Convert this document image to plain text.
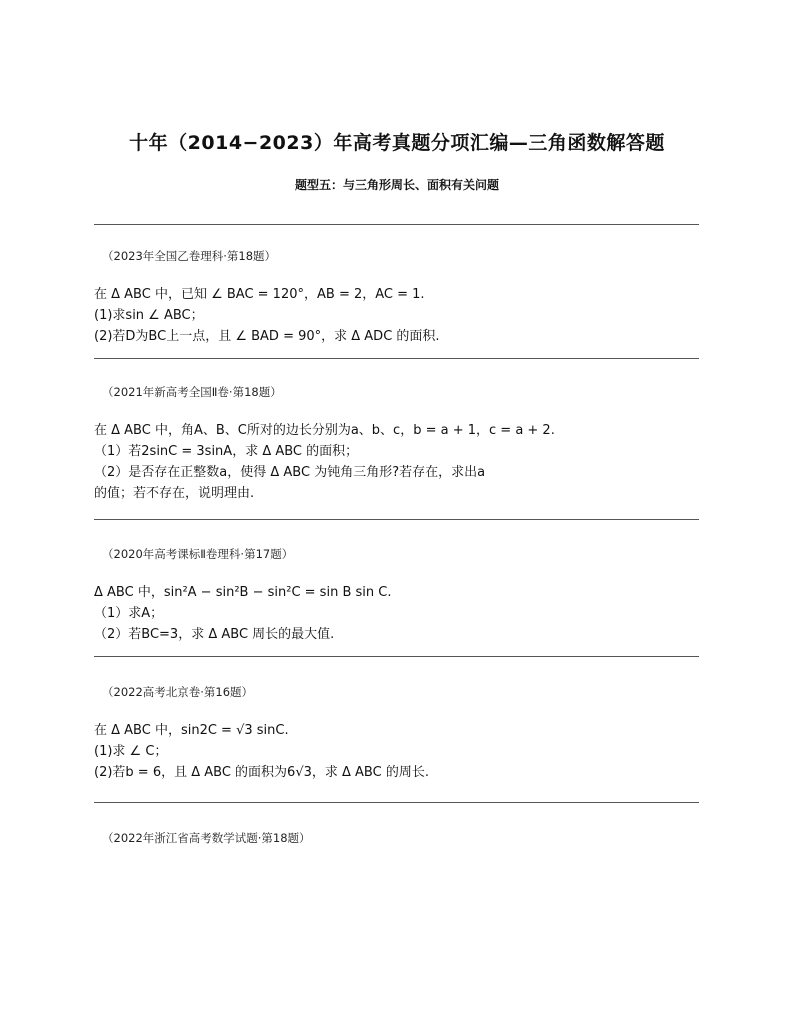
十年（2014−2023）年高考真题分项汇编—三角函数解答题
题型五：与三角形周长、面积有关问题
（2023年全国乙卷理科·第18题）
在 Δ ABC 中，已知 ∠ BAC = 120°，AB = 2，AC = 1.
(1)求sin ∠ ABC；
(2)若D为BC上一点，且 ∠ BAD = 90°，求 Δ ADC 的面积.
（2021年新高考全国Ⅱ卷·第18题）
在 Δ ABC 中，角A、B、C所对的边长分别为a、b、c，b = a + 1，c = a + 2.
（1）若2sinC = 3sinA，求 Δ ABC 的面积；
（2）是否存在正整数a，使得 Δ ABC 为钝角三角形?若存在，求出a
的值；若不存在，说明理由.
（2020年高考课标Ⅱ卷理科·第17题）
Δ ABC 中，sin²A − sin²B − sin²C = sin B sin C.
（1）求A；
（2）若BC=3，求 Δ ABC 周长的最大值.
（2022高考北京卷·第16题）
在 Δ ABC 中，sin2C = √3 sinC.
(1)求 ∠ C；
(2)若b = 6，且 Δ ABC 的面积为6√3，求 Δ ABC 的周长.
（2022年浙江省高考数学试题·第18题）
